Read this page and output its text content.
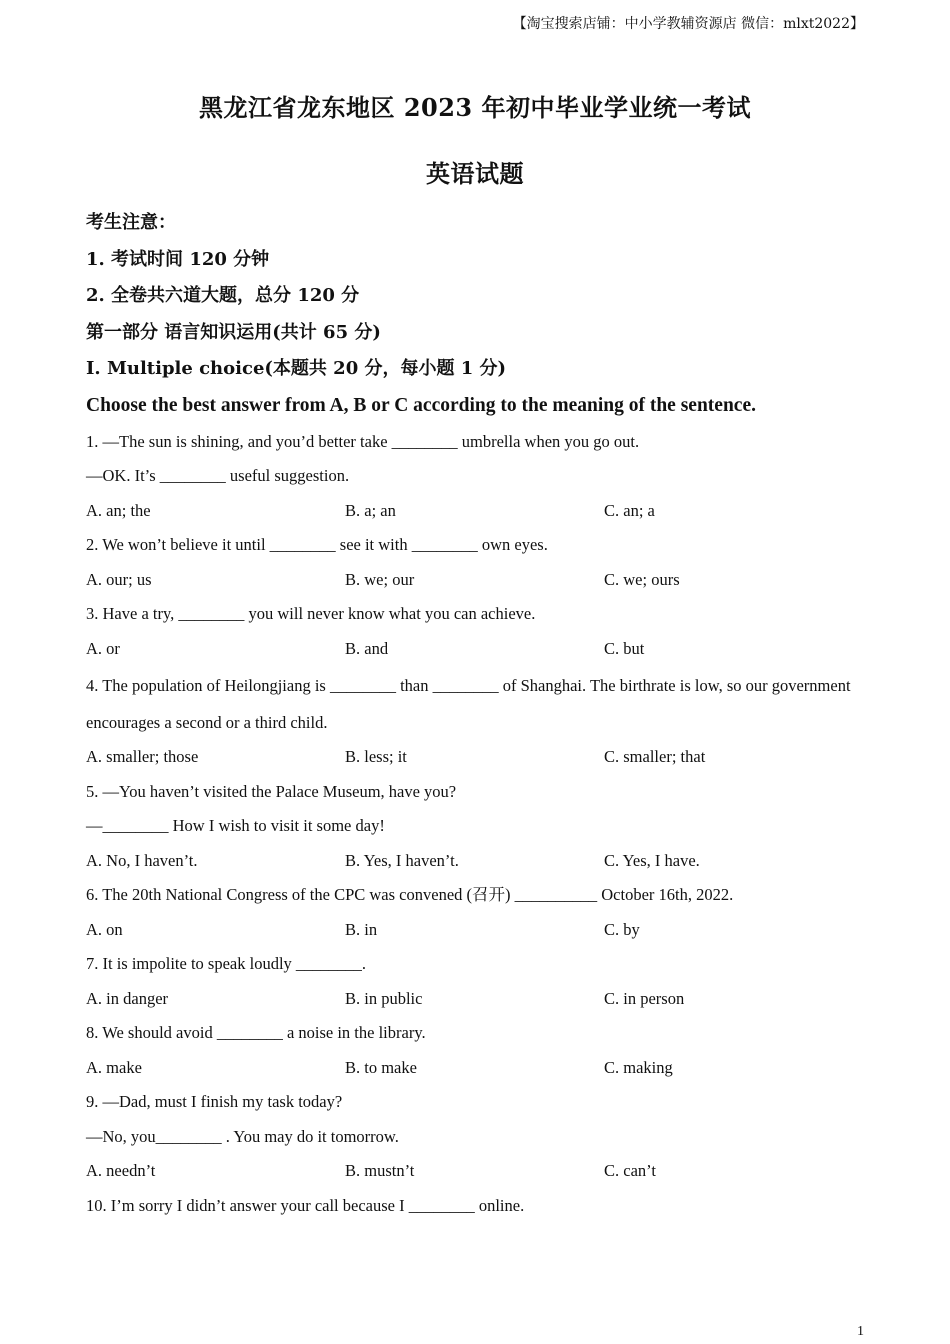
【淘宝搜索店铺：中小学教辅资源店 微信：mlxt2022】
黑龙江省龙东地区 2023 年初中毕业学业统一考试
英语试题
考生注意：
1. 考试时间 120 分钟
2. 全卷共六道大题，总分 120 分
第一部分 语言知识运用(共计 65 分)
Ⅰ. Multiple choice(本题共 20 分，每小题 1 分)
Choose the best answer from A, B or C according to the meaning of the sentence.
1. —The sun is shining, and you’d better take ________ umbrella when you go out.
—OK. It’s ________ useful suggestion.
A. an; the	B. a; an	C. an; a
2. We won’t believe it until ________ see it with ________ own eyes.
A. our; us	B. we; our	C. we; ours
3. Have a try, ________ you will never know what you can achieve.
A. or	B. and	C. but
4. The population of Heilongjiang is ________ than ________ of Shanghai. The birthrate is low, so our government encourages a second or a third child.
A. smaller; those	B. less; it	C. smaller; that
5. —You haven’t visited the Palace Museum, have you?
—________ How I wish to visit it some day!
A. No, I haven’t.	B. Yes, I haven’t.	C. Yes, I have.
6. The 20th National Congress of the CPC was convened (召开) __________ October 16th, 2022.
A. on	B. in	C. by
7. It is impolite to speak loudly ________.
A. in danger	B. in public	C. in person
8. We should avoid ________ a noise in the library.
A. make	B. to make	C. making
9. —Dad, must I finish my task today?
—No, you________ . You may do it tomorrow.
A. needn’t	B. mustn’t	C. can’t
10. I’m sorry I didn’t answer your call because I ________ online.
1
